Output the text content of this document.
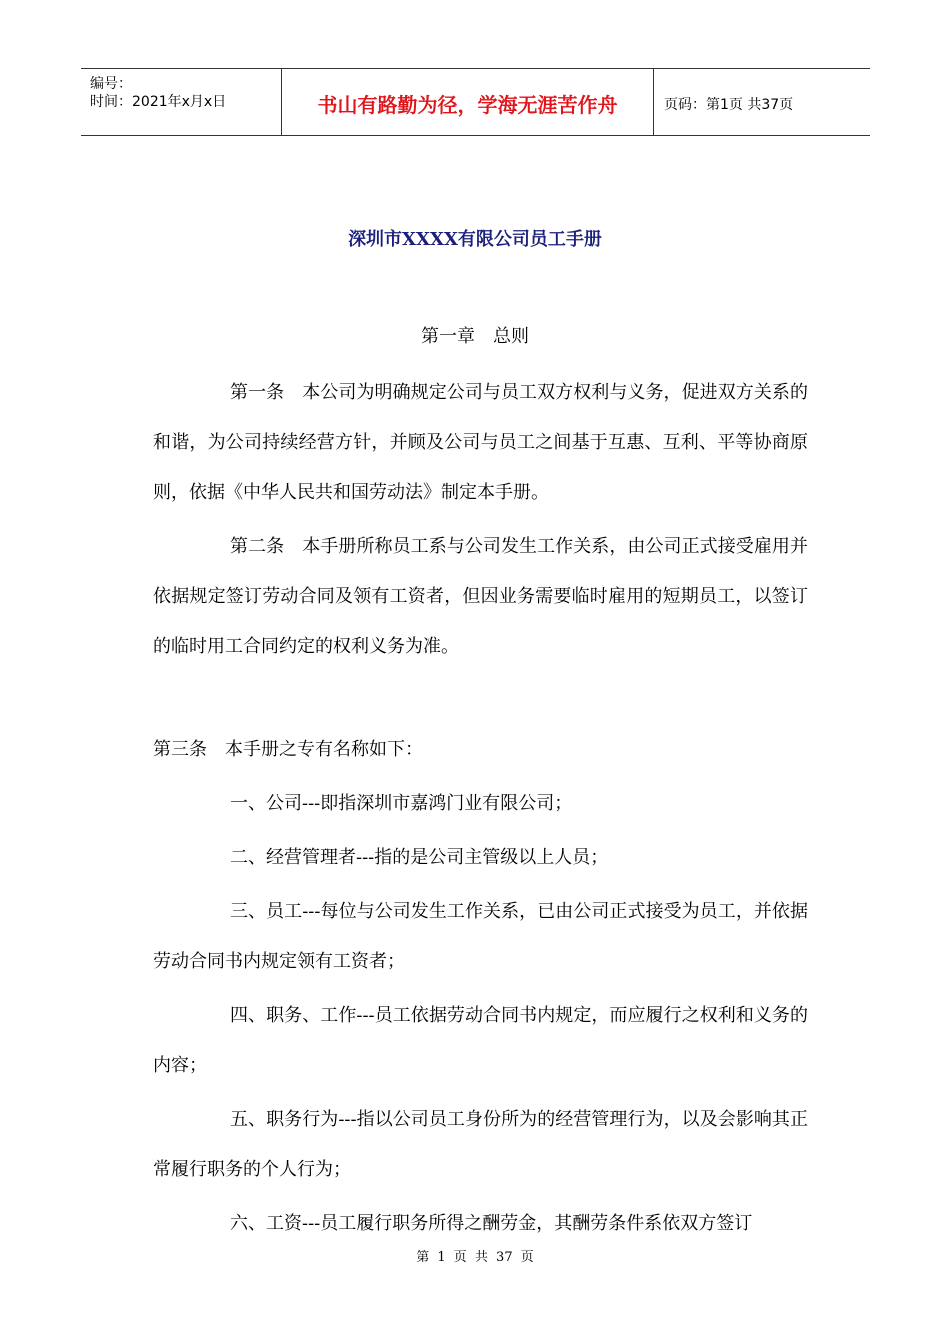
编号：
时间：2021年x月x日	书山有路勤为径，学海无涯苦作舟	页码：第1页 共37页
深圳市XXXX有限公司员工手册
第一章　总则

第一条　本公司为明确规定公司与员工双方权利与义务，促进双方关系的和谐，为公司持续经营方针，并顾及公司与员工之间基于互惠、互利、平等协商原则，依据《中华人民共和国劳动法》制定本手册。

第二条　本手册所称员工系与公司发生工作关系，由公司正式接受雇用并依据规定签订劳动合同及领有工资者，但因业务需要临时雇用的短期员工，以签订的临时用工合同约定的权利义务为准。

第三条　本手册之专有名称如下：

一、公司---即指深圳市嘉鸿门业有限公司；

二、经营管理者---指的是公司主管级以上人员；

三、员工---每位与公司发生工作关系，已由公司正式接受为员工，并依据劳动合同书内规定领有工资者；

四、职务、工作---员工依据劳动合同书内规定，而应履行之权利和义务的内容；

五、职务行为---指以公司员工身份所为的经营管理行为，以及会影响其正常履行职务的个人行为；

六、工资---员工履行职务所得之酬劳金，其酬劳条件系依双方签订

第 1 页 共 37 页
